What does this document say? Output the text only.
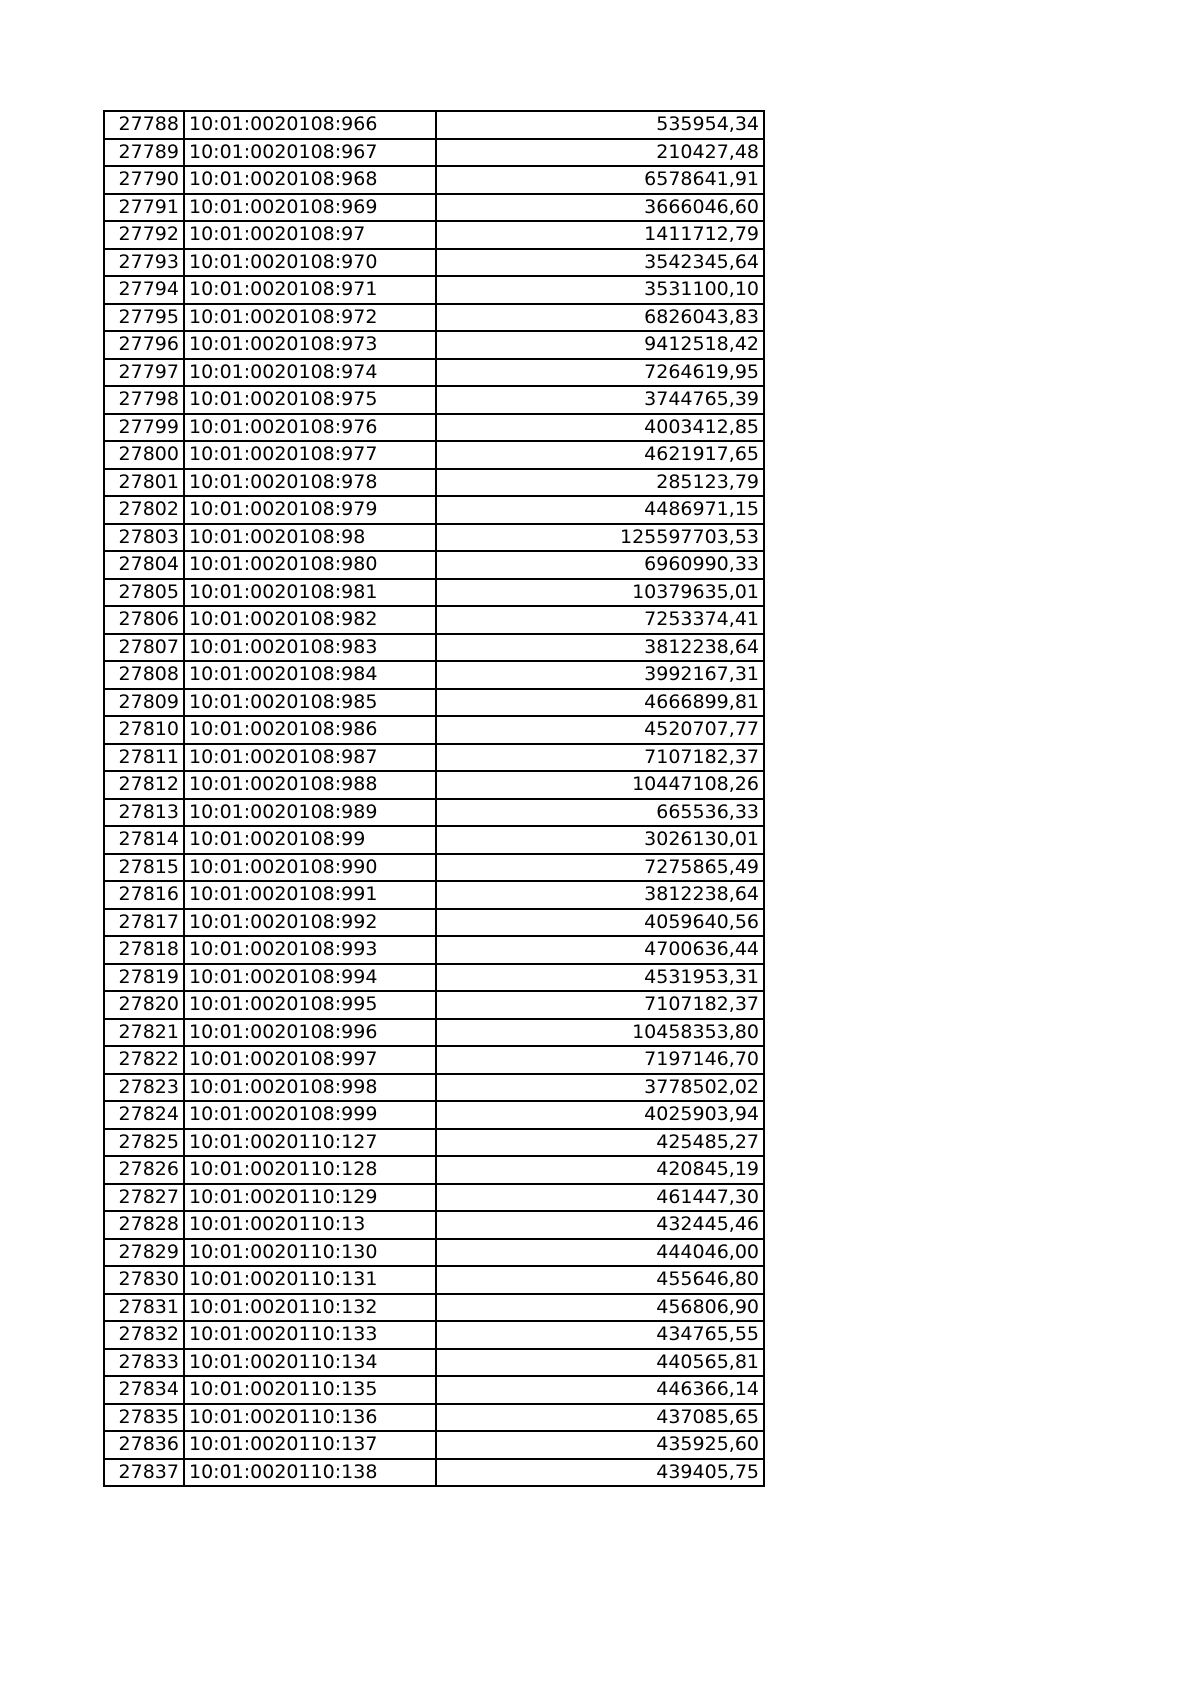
27788	10:01:0020108:966	535954,34
27789	10:01:0020108:967	210427,48
27790	10:01:0020108:968	6578641,91
27791	10:01:0020108:969	3666046,60
27792	10:01:0020108:97	1411712,79
27793	10:01:0020108:970	3542345,64
27794	10:01:0020108:971	3531100,10
27795	10:01:0020108:972	6826043,83
27796	10:01:0020108:973	9412518,42
27797	10:01:0020108:974	7264619,95
27798	10:01:0020108:975	3744765,39
27799	10:01:0020108:976	4003412,85
27800	10:01:0020108:977	4621917,65
27801	10:01:0020108:978	285123,79
27802	10:01:0020108:979	4486971,15
27803	10:01:0020108:98	125597703,53
27804	10:01:0020108:980	6960990,33
27805	10:01:0020108:981	10379635,01
27806	10:01:0020108:982	7253374,41
27807	10:01:0020108:983	3812238,64
27808	10:01:0020108:984	3992167,31
27809	10:01:0020108:985	4666899,81
27810	10:01:0020108:986	4520707,77
27811	10:01:0020108:987	7107182,37
27812	10:01:0020108:988	10447108,26
27813	10:01:0020108:989	665536,33
27814	10:01:0020108:99	3026130,01
27815	10:01:0020108:990	7275865,49
27816	10:01:0020108:991	3812238,64
27817	10:01:0020108:992	4059640,56
27818	10:01:0020108:993	4700636,44
27819	10:01:0020108:994	4531953,31
27820	10:01:0020108:995	7107182,37
27821	10:01:0020108:996	10458353,80
27822	10:01:0020108:997	7197146,70
27823	10:01:0020108:998	3778502,02
27824	10:01:0020108:999	4025903,94
27825	10:01:0020110:127	425485,27
27826	10:01:0020110:128	420845,19
27827	10:01:0020110:129	461447,30
27828	10:01:0020110:13	432445,46
27829	10:01:0020110:130	444046,00
27830	10:01:0020110:131	455646,80
27831	10:01:0020110:132	456806,90
27832	10:01:0020110:133	434765,55
27833	10:01:0020110:134	440565,81
27834	10:01:0020110:135	446366,14
27835	10:01:0020110:136	437085,65
27836	10:01:0020110:137	435925,60
27837	10:01:0020110:138	439405,75
